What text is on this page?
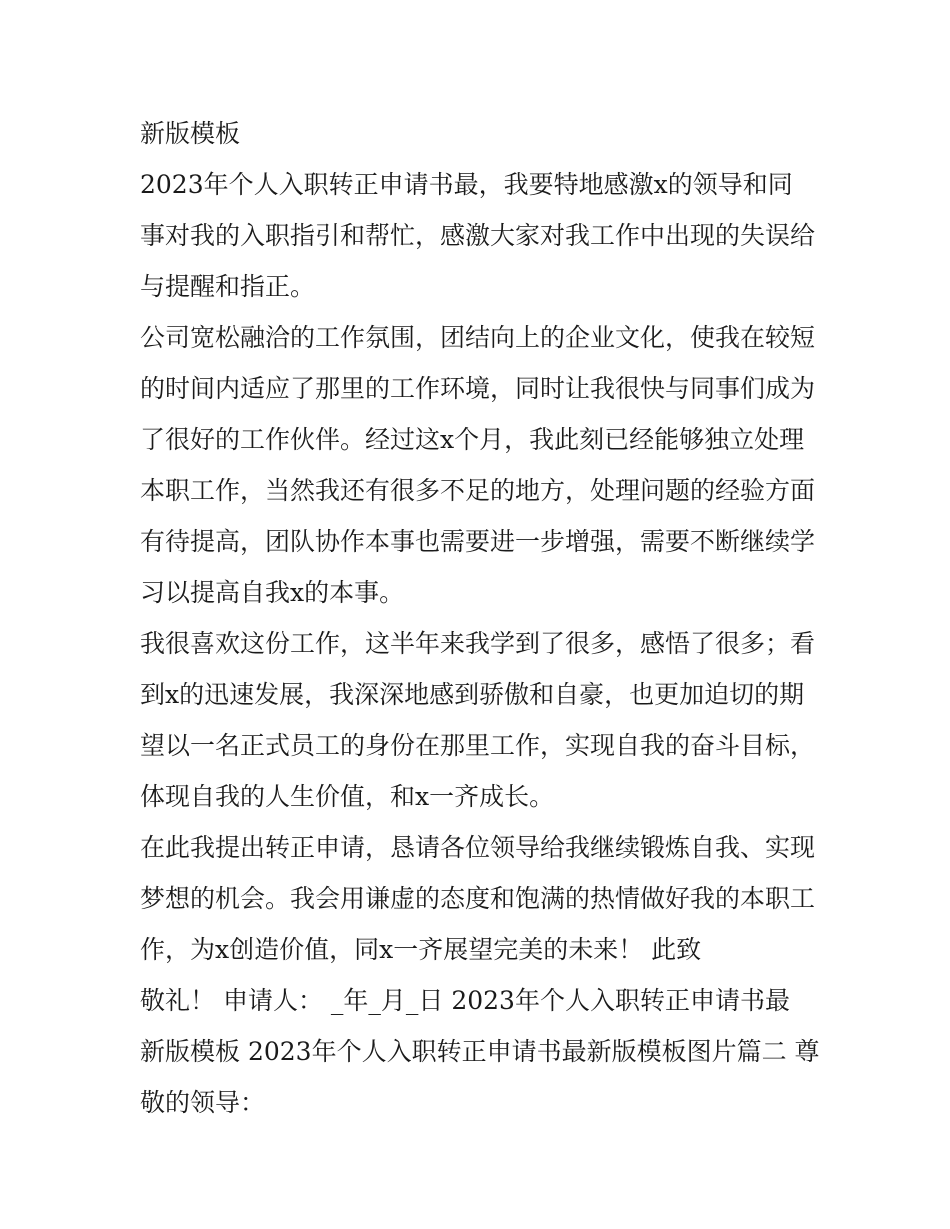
新版模板
2023年个人入职转正申请书最，我要特地感激x的领导和同
事对我的入职指引和帮忙，感激大家对我工作中出现的失误给
与提醒和指正。
公司宽松融洽的工作氛围，团结向上的企业文化，使我在较短
的时间内适应了那里的工作环境，同时让我很快与同事们成为
了很好的工作伙伴。经过这x个月，我此刻已经能够独立处理
本职工作，当然我还有很多不足的地方，处理问题的经验方面
有待提高，团队协作本事也需要进一步增强，需要不断继续学
习以提高自我x的本事。
我很喜欢这份工作，这半年来我学到了很多，感悟了很多；看
到x的迅速发展，我深深地感到骄傲和自豪，也更加迫切的期
望以一名正式员工的身份在那里工作，实现自我的奋斗目标，
体现自我的人生价值，和x一齐成长。
在此我提出转正申请，恳请各位领导给我继续锻炼自我、实现
梦想的机会。我会用谦虚的态度和饱满的热情做好我的本职工
作，为x创造价值，同x一齐展望完美的未来！ 此致
敬礼！ 申请人： _年_月_日 2023年个人入职转正申请书最
新版模板 2023年个人入职转正申请书最新版模板图片篇二 尊
敬的领导：
